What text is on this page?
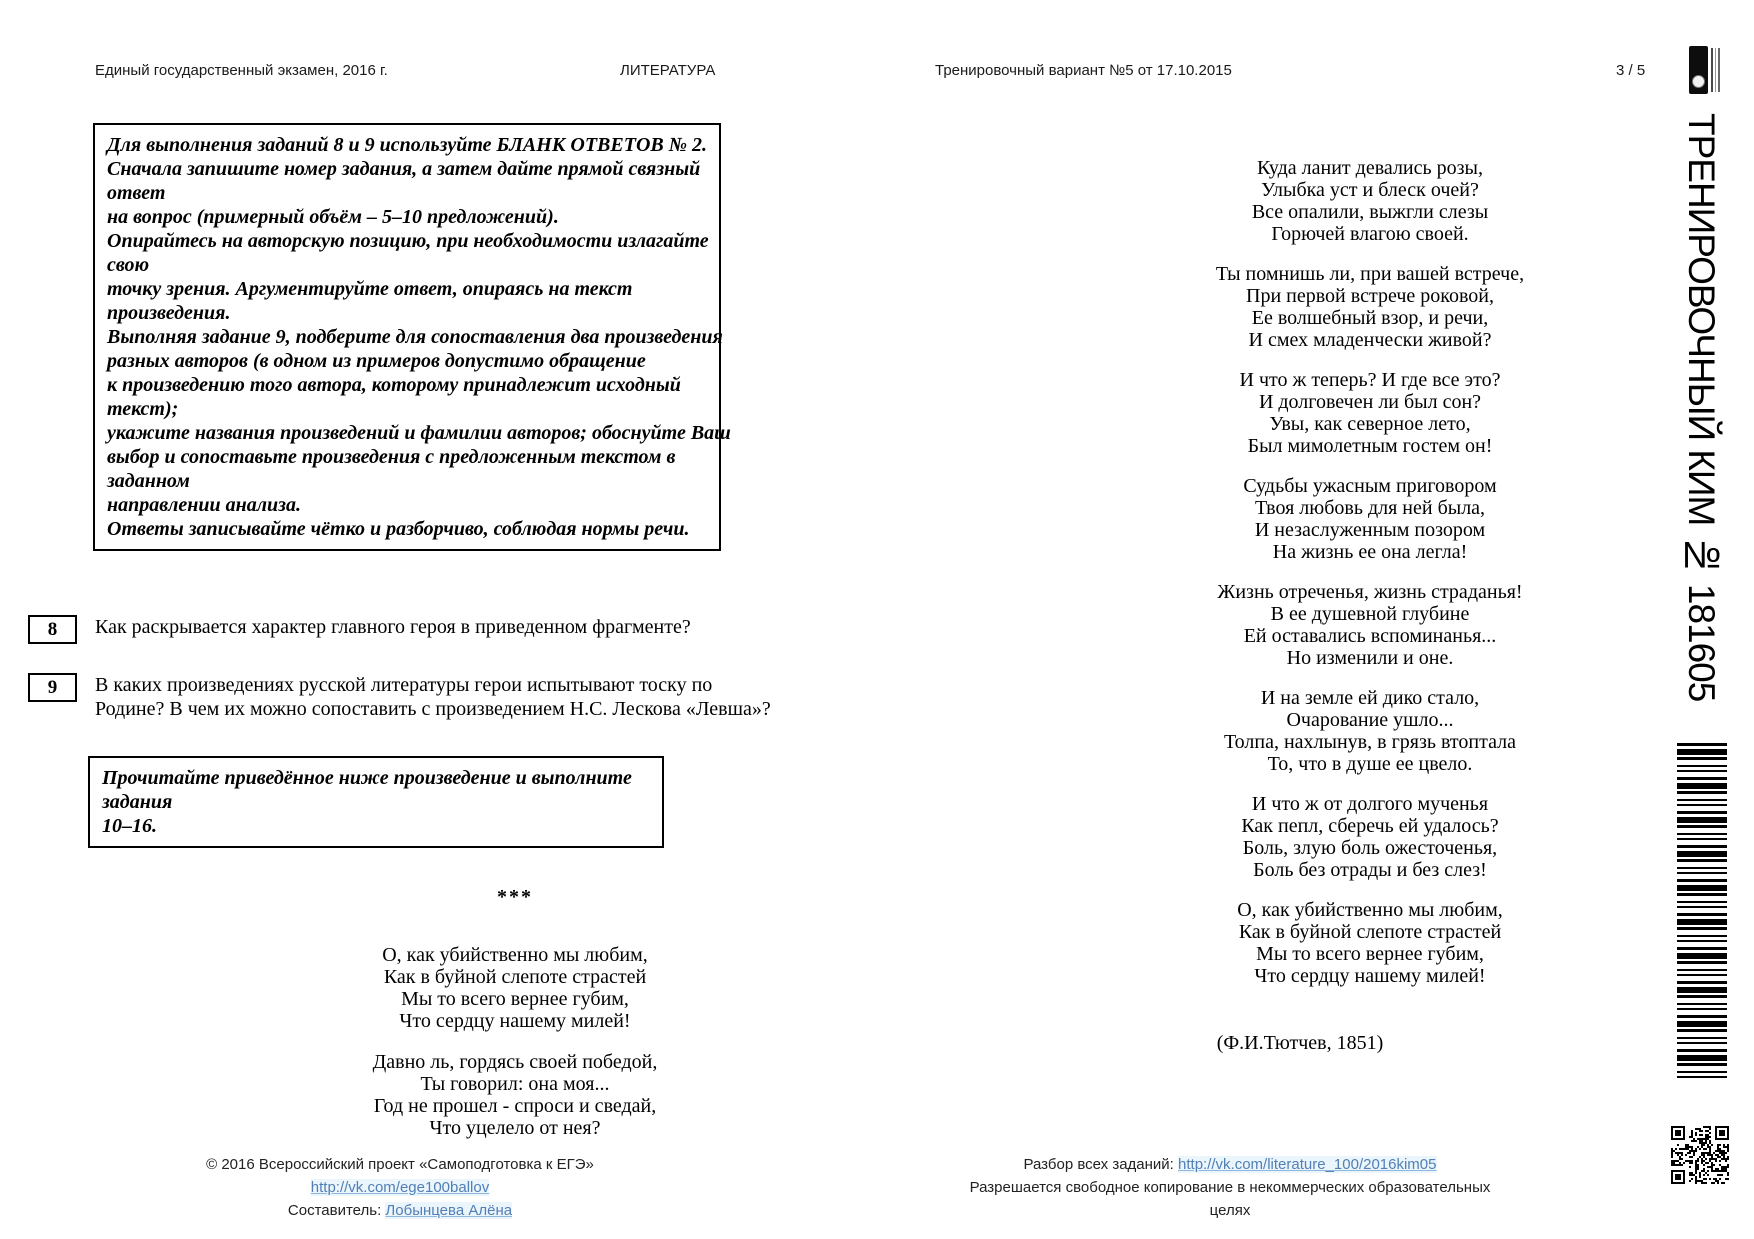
Единый государственный экзамен, 2016 г.	ЛИТЕРАТУРА	Тренировочный вариант №5 от 17.10.2015	3 / 5
Для выполнения заданий 8 и 9 используйте БЛАНК ОТВЕТОВ № 2.
Сначала запишите номер задания, а затем дайте прямой связный
ответ
на вопрос (примерный объём – 5–10 предложений).
Опирайтесь на авторскую позицию, при необходимости излагайте
свою
точку зрения. Аргументируйте ответ, опираясь на текст
произведения.
Выполняя задание 9, подберите для сопоставления два произведения
разных авторов (в одном из примеров допустимо обращение
к произведению того автора, которому принадлежит исходный
текст);
укажите названия произведений и фамилии авторов; обоснуйте Ваш
выбор и сопоставьте произведения с предложенным текстом в
заданном
направлении анализа.
Ответы записывайте чётко и разборчиво, соблюдая нормы речи.
8	Как раскрывается характер главного героя в приведенном фрагменте?
9	В каких произведениях русской литературы герои испытывают тоску по
Родине? В чем их можно сопоставить с произведением Н.С. Лескова «Левша»?
Прочитайте приведённое ниже произведение и выполните
задания
10–16.
***
О, как убийственно мы любим,
Как в буйной слепоте страстей
Мы то всего вернее губим,
Что сердцу нашему милей!
Давно ль, гордясь своей победой,
Ты говорил: она моя...
Год не прошел - спроси и сведай,
Что уцелело от нея?
Куда ланит девались розы,
Улыбка уст и блеск очей?
Все опалили, выжгли слезы
Горючей влагою своей.
Ты помнишь ли, при вашей встрече,
При первой встрече роковой,
Ее волшебный взор, и речи,
И смех младенчески живой?
И что ж теперь? И где все это?
И долговечен ли был сон?
Увы, как северное лето,
Был мимолетным гостем он!
Судьбы ужасным приговором
Твоя любовь для ней была,
И незаслуженным позором
На жизнь ее она легла!
Жизнь отреченья, жизнь страданья!
В ее душевной глубине
Ей оставались вспоминанья...
Но изменили и оне.
И на земле ей дико стало,
Очарование ушло...
Толпа, нахлынув, в грязь втоптала
То, что в душе ее цвело.
И что ж от долгого мученья
Как пепл, сберечь ей удалось?
Боль, злую боль ожесточенья,
Боль без отрады и без слез!
О, как убийственно мы любим,
Как в буйной слепоте страстей
Мы то всего вернее губим,
Что сердцу нашему милей!
(Ф.И.Тютчев, 1851)
© 2016 Всероссийский проект «Самоподготовка к ЕГЭ» http://vk.com/ege100ballov
Составитель: Лобынцева Алёна
Разбор всех заданий: http://vk.com/literature_100/2016kim05
Разрешается свободное копирование в некоммерческих образовательных целях
ТРЕНИРОВОЧНЫЙ КИМ № 181605
